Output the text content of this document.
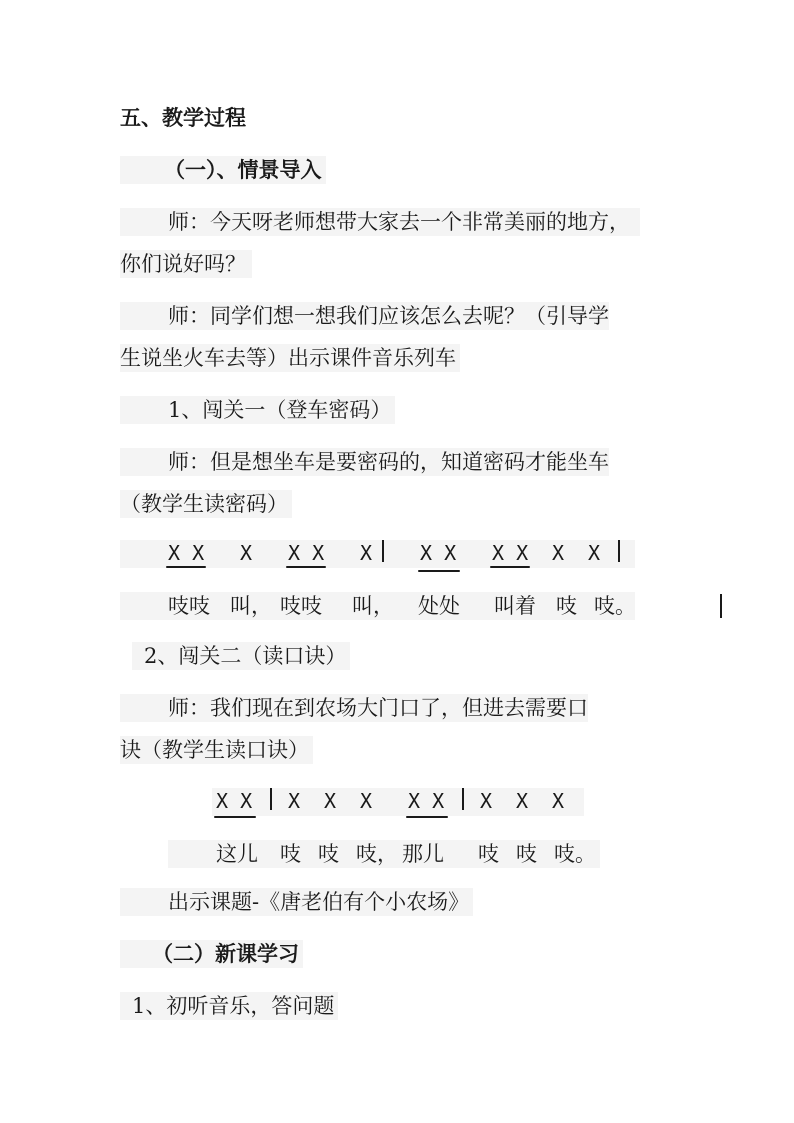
五、教学过程
（一）、情景导入
师：今天呀老师想带大家去一个非常美丽的地方，
你们说好吗？
师：同学们想一想我们应该怎么去呢？（引导学
生说坐火车去等）出示课件音乐列车
1、闯关一（登车密码）
师：但是想坐车是要密码的，知道密码才能坐车
（教学生读密码）
X X X X X X X X X X X X
吱吱 叫， 吱吱 叫， 处处 叫着 吱 吱。
2、闯关二（读口诀）
师：我们现在到农场大门口了，但进去需要口
诀（教学生读口诀）
X X X X X X X X X X
这儿 吱 吱 吱， 那儿 吱 吱 吱。
出示课题-《唐老伯有个小农场》
（二）新课学习
1、初听音乐，答问题
